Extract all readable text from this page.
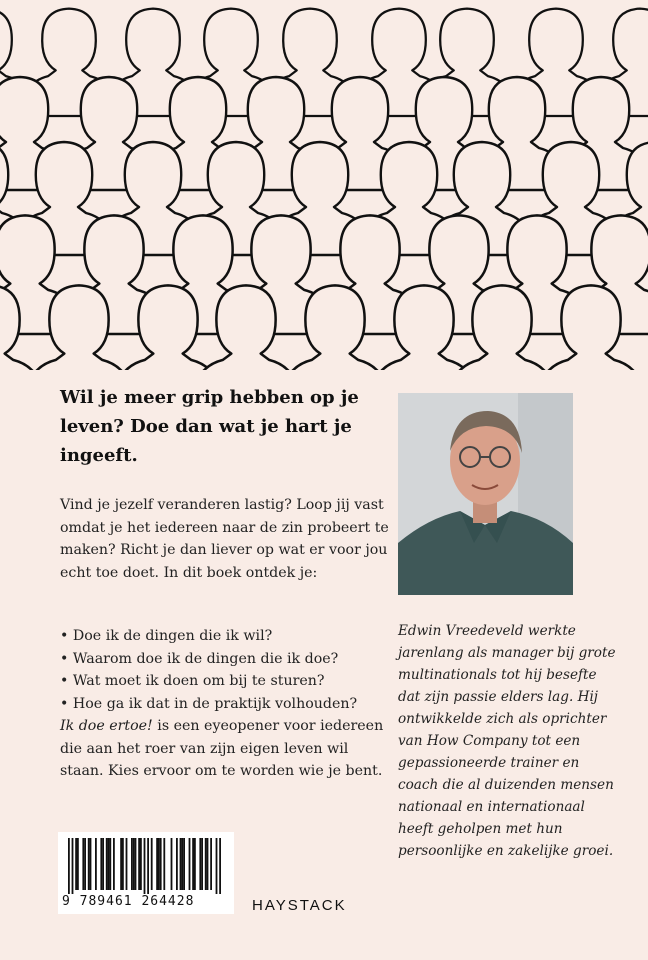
Wil je meer grip hebben op je leven? Doe dan wat je hart je ingeeft.

Vind je jezelf veranderen lastig? Loop jij vast omdat je het iedereen naar de zin probeert te maken? Richt je dan liever op wat er voor jou echt toe doet. In dit boek ontdek je:

• Doe ik de dingen die ik wil?
• Waarom doe ik de dingen die ik doe?
• Wat moet ik doen om bij te sturen?
• Hoe ga ik dat in de praktijk volhouden?

Ik doe ertoe! is een eyeopener voor iedereen die aan het roer van zijn eigen leven wil staan. Kies ervoor om te worden wie je bent.

Edwin Vreedeveld werkte jarenlang als manager bij grote multinationals tot hij besefte dat zijn passie elders lag. Hij ontwikkelde zich als oprichter van How Company tot een gepassioneerde trainer en coach die al duizenden mensen nationaal en internationaal heeft geholpen met hun persoonlijke en zakelijke groei.

9 789461 264428	HAYSTACK
